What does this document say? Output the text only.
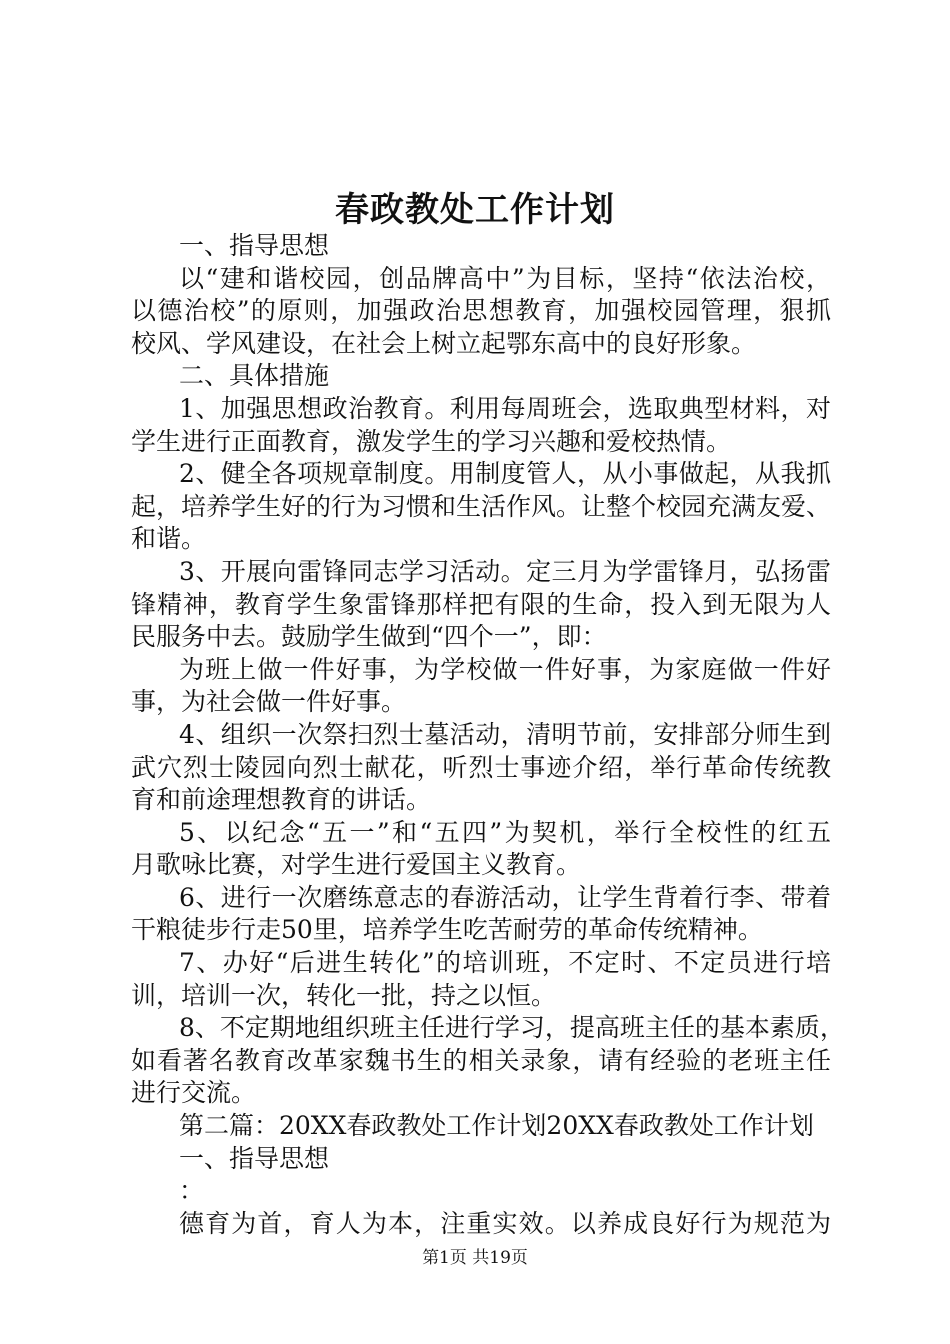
春政教处工作计划
一、指导思想
以“建和谐校园，创品牌高中”为目标，坚持“依法治校，
以德治校”的原则，加强政治思想教育，加强校园管理，狠抓
校风、学风建设，在社会上树立起鄂东高中的良好形象。
二、具体措施
1、加强思想政治教育。利用每周班会，选取典型材料，对
学生进行正面教育，激发学生的学习兴趣和爱校热情。
2、健全各项规章制度。用制度管人，从小事做起，从我抓
起，培养学生好的行为习惯和生活作风。让整个校园充满友爱、
和谐。
3、开展向雷锋同志学习活动。定三月为学雷锋月，弘扬雷
锋精神，教育学生象雷锋那样把有限的生命，投入到无限为人
民服务中去。鼓励学生做到“四个一”，即：
为班上做一件好事，为学校做一件好事，为家庭做一件好
事，为社会做一件好事。
4、组织一次祭扫烈士墓活动，清明节前，安排部分师生到
武穴烈士陵园向烈士献花，听烈士事迹介绍，举行革命传统教
育和前途理想教育的讲话。
5、以纪念“五一”和“五四”为契机，举行全校性的红五
月歌咏比赛，对学生进行爱国主义教育。
6、进行一次磨练意志的春游活动，让学生背着行李、带着
干粮徒步行走50里，培养学生吃苦耐劳的革命传统精神。
7、办好“后进生转化”的培训班，不定时、不定员进行培
训，培训一次，转化一批，持之以恒。
8、不定期地组织班主任进行学习，提高班主任的基本素质，
如看著名教育改革家魏书生的相关录象，请有经验的老班主任
进行交流。
第二篇：20XX春政教处工作计划20XX春政教处工作计划
一、指导思想
：
德育为首，育人为本，注重实效。以养成良好行为规范为
第1页 共19页
